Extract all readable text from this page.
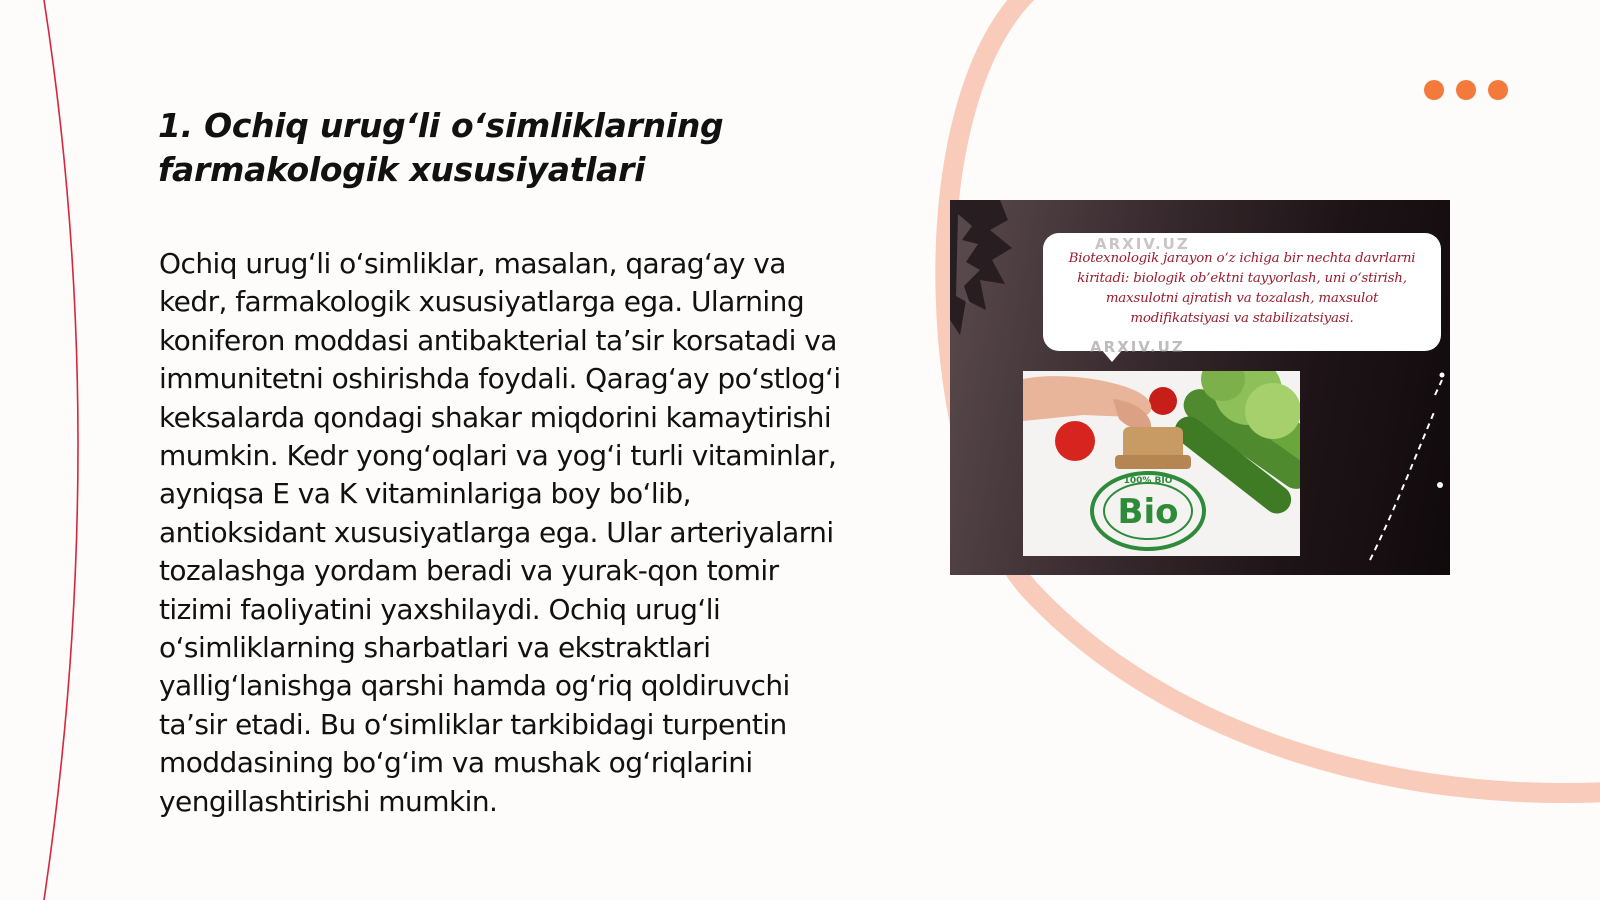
1. Ochiq urug‘li o‘simliklarning farmakologik xususiyatlari

Ochiq urug‘li o‘simliklar, masalan, qarag‘ay va kedr, farmakologik xususiyatlarga ega. Ularning koniferon moddasi antibakterial ta’sir korsatadi va immunitetni oshirishda foydali. Qarag‘ay po‘stlog‘i keksalarda qondagi shakar miqdorini kamaytirishi mumkin. Kedr yong‘oqlari va yog‘i turli vitaminlar, ayniqsa E va K vitaminlariga boy bo‘lib, antioksidant xususiyatlarga ega. Ular arteriyalarni tozalashga yordam beradi va yurak-qon tomir tizimi faoliyatini yaxshilaydi. Ochiq urug‘li o‘simliklarning sharbatlari va ekstraktlari yallig‘lanishga qarshi hamda og‘riq qoldiruvchi ta’sir etadi. Bu o‘simliklar tarkibidagi turpentin moddasining bo‘g‘im va mushak og‘riqlarini yengillashtirishi mumkin.

ARXIV.UZ
Biotexnologik jarayon o‘z ichiga bir nechta davrlarni kiritadi: biologik ob’ektni tayyorlash, uni o‘stirish, maxsulotni ajratish va tozalash, maxsulot modifikatsiyasi va stabilizatsiyasi.
ARXIV.UZ
Bio
100% BIO
